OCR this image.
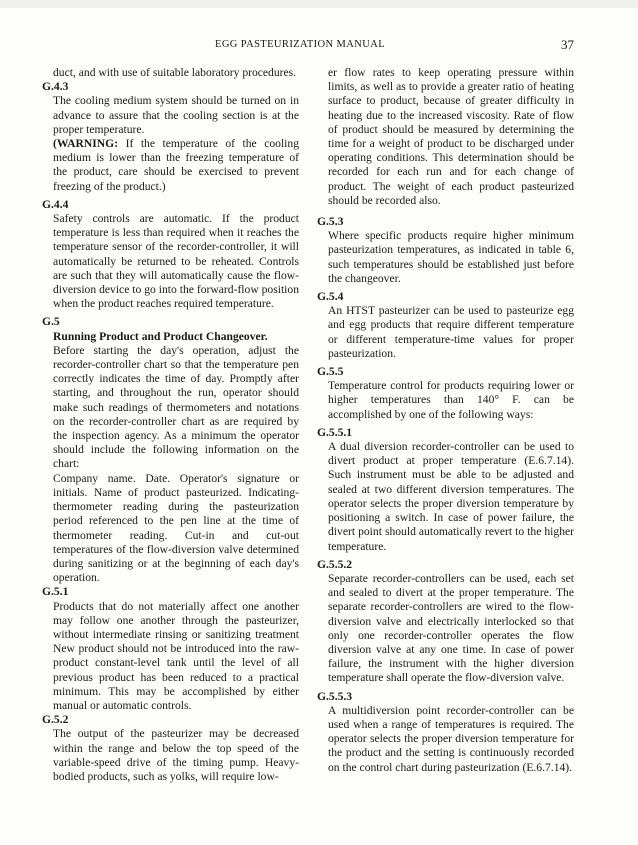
EGG PASTEURIZATION MANUAL	37

duct, and with use of suitable laboratory procedures.

G.4.3

The cooling medium system should be turned on in advance to assure that the cooling section is at the proper temperature.

(WARNING: If the temperature of the cooling medium is lower than the freezing temperature of the product, care should be exercised to prevent freezing of the product.)

G.4.4

Safety controls are automatic. If the product temperature is less than required when it reaches the temperature sensor of the recorder-controller, it will automatically be returned to be reheated. Controls are such that they will automatically cause the flow-diversion device to go into the forward-flow position when the product reaches required temperature.

G.5

Running Product and Product Changeover.

Before starting the day's operation, adjust the recorder-controller chart so that the temperature pen correctly indicates the time of day. Promptly after starting, and throughout the run, operator should make such readings of thermometers and notations on the recorder-controller chart as are required by the inspection agency. As a minimum the operator should include the following information on the chart:

Company name. Date. Operator's signature or initials. Name of product pasteurized. Indicating-thermometer reading during the pasteurization period referenced to the pen line at the time of thermometer reading. Cut-in and cut-out temperatures of the flow-diversion valve determined during sanitizing or at the beginning of each day's operation.

G.5.1

Products that do not materially affect one another may follow one another through the pasteurizer, without intermediate rinsing or sanitizing treatment New product should not be introduced into the raw-product constant-level tank until the level of all previous product has been reduced to a practical minimum. This may be accomplished by either manual or automatic controls.

G.5.2

The output of the pasteurizer may be decreased within the range and below the top speed of the variable-speed drive of the timing pump. Heavy-bodied products, such as yolks, will require low-

er flow rates to keep operating pressure within limits, as well as to provide a greater ratio of heating surface to product, because of greater difficulty in heating due to the increased viscosity. Rate of flow of product should be measured by determining the time for a weight of product to be discharged under operating conditions. This determination should be recorded for each run and for each change of product. The weight of each product pasteurized should be recorded also.

G.5.3

Where specific products require higher minimum pasteurization temperatures, as indicated in table 6, such temperatures should be established just before the changeover.

G.5.4

An HTST pasteurizer can be used to pasteurize egg and egg products that require different temperature or different temperature-time values for proper pasteurization.

G.5.5

Temperature control for products requiring lower or higher temperatures than 140° F. can be accomplished by one of the following ways:

G.5.5.1

A dual diversion recorder-controller can be used to divert product at proper temperature (E.6.7.14). Such instrument must be able to be adjusted and sealed at two different diversion temperatures. The operator selects the proper diversion temperature by positioning a switch. In case of power failure, the divert point should automatically revert to the higher temperature.

G.5.5.2

Separate recorder-controllers can be used, each set and sealed to divert at the proper temperature. The separate recorder-controllers are wired to the flow-diversion valve and electrically interlocked so that only one recorder-controller operates the flow diversion valve at any one time. In case of power failure, the instrument with the higher diversion temperature shall operate the flow-diversion valve.

G.5.5.3

A multidiversion point recorder-controller can be used when a range of temperatures is required. The operator selects the proper diversion temperature for the product and the setting is continuously recorded on the control chart during pasteurization (E.6.7.14).
